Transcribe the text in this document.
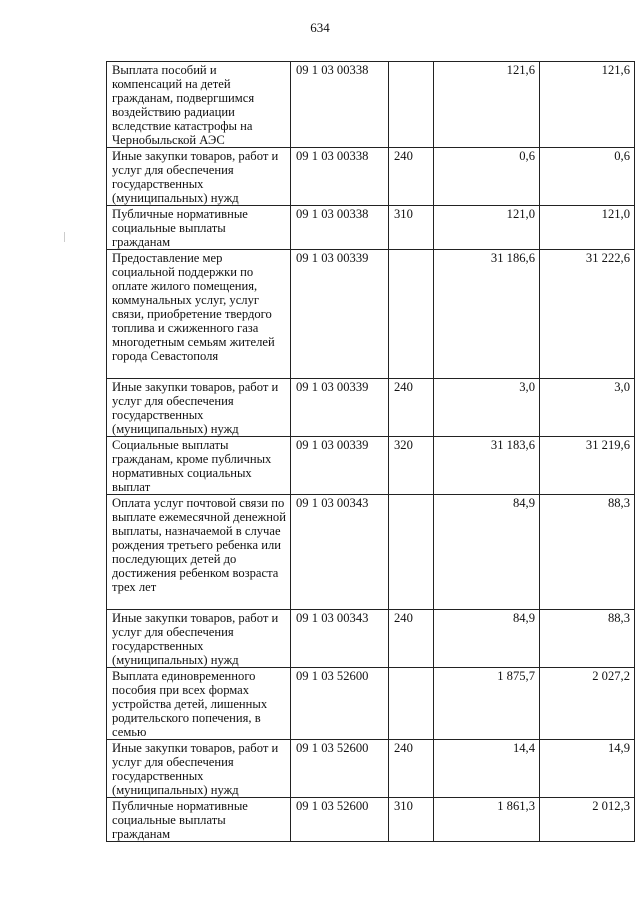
634
Выплата пособий и компенсаций на детей гражданам, подвергшимся воздействию радиации вследствие катастрофы на Чернобыльской АЭС	09 1 03 00338		121,6	121,6

Иные закупки товаров, работ и услуг для обеспечения государственных (муниципальных) нужд	09 1 03 00338	240	0,6	0,6

Публичные нормативные социальные выплаты гражданам	09 1 03 00338	310	121,0	121,0

Предоставление мер социальной поддержки по оплате жилого помещения, коммунальных услуг, услуг связи, приобретение твердого топлива и сжиженного газа многодетным семьям жителей города Севастополя	09 1 03 00339		31 186,6	31 222,6

Иные закупки товаров, работ и услуг для обеспечения государственных (муниципальных) нужд	09 1 03 00339	240	3,0	3,0

Социальные выплаты гражданам, кроме публичных нормативных социальных выплат	09 1 03 00339	320	31 183,6	31 219,6

Оплата услуг почтовой связи по выплате ежемесячной денежной выплаты, назначаемой в случае рождения третьего ребенка или последующих детей до достижения ребенком возраста трех лет	09 1 03 00343		84,9	88,3

Иные закупки товаров, работ и услуг для обеспечения государственных (муниципальных) нужд	09 1 03 00343	240	84,9	88,3

Выплата единовременного пособия при всех формах устройства детей, лишенных родительского попечения, в семью	09 1 03 52600		1 875,7	2 027,2

Иные закупки товаров, работ и услуг для обеспечения государственных (муниципальных) нужд	09 1 03 52600	240	14,4	14,9

Публичные нормативные социальные выплаты гражданам	09 1 03 52600	310	1 861,3	2 012,3
